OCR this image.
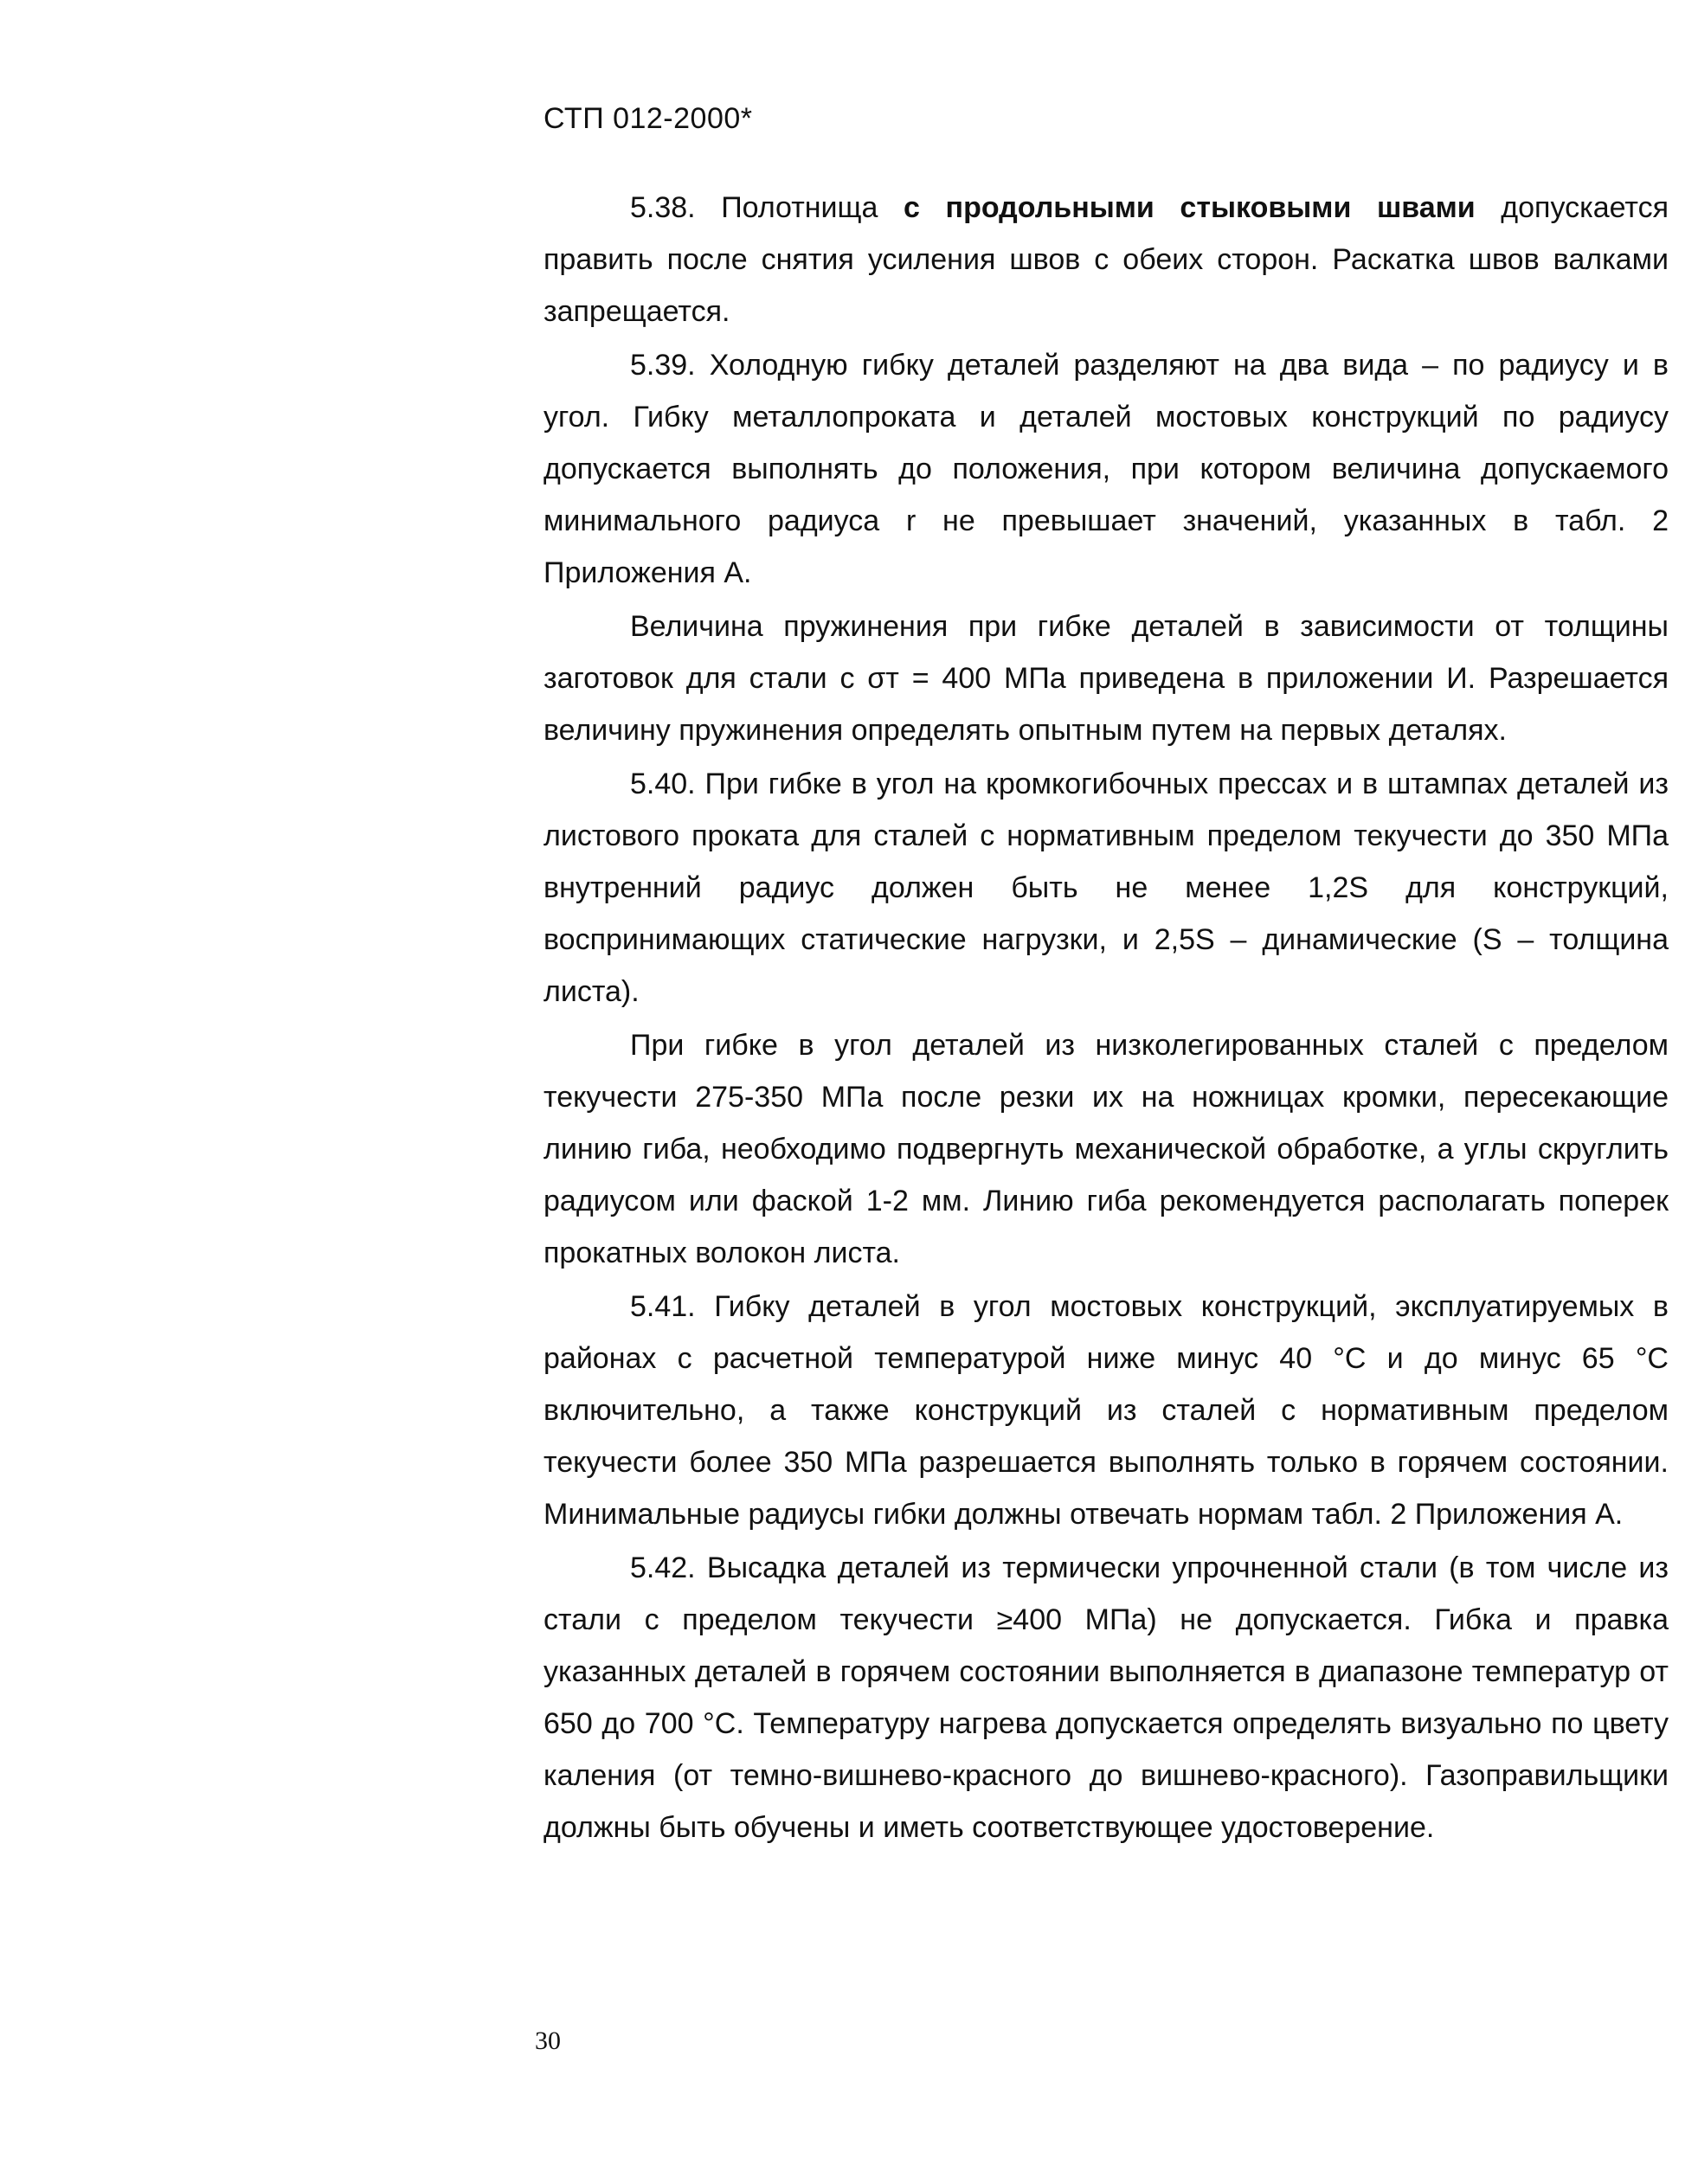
СТП 012-2000*

5.38. Полотнища с продольными стыковыми швами допускается править после снятия усиления швов с обеих сторон. Раскатка швов валками запрещается.

5.39. Холодную гибку деталей разделяют на два вида – по радиусу и в угол. Гибку металлопроката и деталей мостовых конструкций по радиусу допускается выполнять до положения, при котором величина допускаемого минимального радиуса r не превышает значений, указанных в табл. 2 Приложения А.

Величина пружинения при гибке деталей в зависимости от толщины заготовок для стали с σт = 400 МПа приведена в приложении И. Разрешается величину пружинения определять опытным путем на первых деталях.

5.40. При гибке в угол на кромкогибочных прессах и в штампах деталей из листового проката для сталей с нормативным пределом текучести до 350 МПа внутренний радиус должен быть не менее 1,2S для конструкций, воспринимающих статические нагрузки, и 2,5S – динамические (S – толщина листа).

При гибке в угол деталей из низколегированных сталей с пределом текучести 275-350 МПа после резки их на ножницах кромки, пересекающие линию гиба, необходимо подвергнуть механической обработке, а углы скруглить радиусом или фаской 1-2 мм. Линию гиба рекомендуется располагать поперек прокатных волокон листа.

5.41. Гибку деталей в угол мостовых конструкций, эксплуатируемых в районах с расчетной температурой ниже минус 40 °С и до минус 65 °С включительно, а также конструкций из сталей с нормативным пределом текучести более 350 МПа разрешается выполнять только в горячем состоянии. Минимальные радиусы гибки должны отвечать нормам табл. 2 Приложения А.

5.42. Высадка деталей из термически упрочненной стали (в том числе из стали с пределом текучести ≥400 МПа) не допускается. Гибка и правка указанных деталей в горячем состоянии выполняется в диапазоне температур от 650 до 700 °С. Температуру нагрева допускается определять визуально по цвету каления (от темно-вишнево-красного до вишнево-красного). Газоправильщики должны быть обучены и иметь соответствующее удостоверение.

30
